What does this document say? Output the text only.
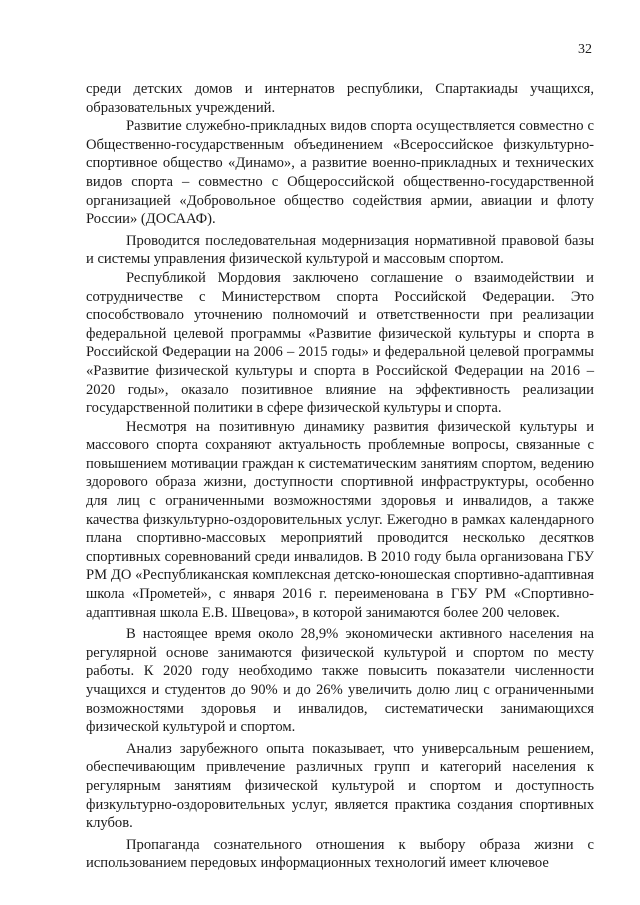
32

среди детских домов и интернатов республики, Спартакиады учащихся, образовательных учреждений.

Развитие служебно-прикладных видов спорта осуществляется совместно с Общественно-государственным объединением «Всероссийское физкультурно-спортивное общество «Динамо», а развитие военно-прикладных и технических видов спорта – совместно с Общероссийской общественно-государственной организацией «Добровольное общество содействия армии, авиации и флоту России» (ДОСААФ).

Проводится последовательная модернизация нормативной правовой базы и системы управления физической культурой и массовым спортом.

Республикой Мордовия заключено соглашение о взаимодействии и сотрудничестве с Министерством спорта Российской Федерации. Это способствовало уточнению полномочий и ответственности при реализации федеральной целевой программы «Развитие физической культуры и спорта в Российской Федерации на 2006 – 2015 годы» и федеральной целевой программы «Развитие физической культуры и спорта в Российской Федерации на 2016 – 2020 годы», оказало позитивное влияние на эффективность реализации государственной политики в сфере физической культуры и спорта.

Несмотря на позитивную динамику развития физической культуры и массового спорта сохраняют актуальность проблемные вопросы, связанные с повышением мотивации граждан к систематическим занятиям спортом, ведению здорового образа жизни, доступности спортивной инфраструктуры, особенно для лиц с ограниченными возможностями здоровья и инвалидов, а также качества физкультурно-оздоровительных услуг. Ежегодно в рамках календарного плана спортивно-массовых мероприятий проводится несколько десятков спортивных соревнований среди инвалидов. В 2010 году была организована ГБУ РМ ДО «Республиканская комплексная детско-юношеская спортивно-адаптивная школа «Прометей», с января 2016 г. переименована в ГБУ РМ «Спортивно-адаптивная школа Е.В. Швецова», в которой занимаются более 200 человек.

В настоящее время около 28,9% экономически активного населения на регулярной основе занимаются физической культурой и спортом по месту работы. К 2020 году необходимо также повысить показатели численности учащихся и студентов до 90% и до 26% увеличить долю лиц с ограниченными возможностями здоровья и инвалидов, систематически занимающихся физической культурой и спортом.

Анализ зарубежного опыта показывает, что универсальным решением, обеспечивающим привлечение различных групп и категорий населения к регулярным занятиям физической культурой и спортом и доступность физкультурно-оздоровительных услуг, является практика создания спортивных клубов.

Пропаганда сознательного отношения к выбору образа жизни с использованием передовых информационных технологий имеет ключевое
